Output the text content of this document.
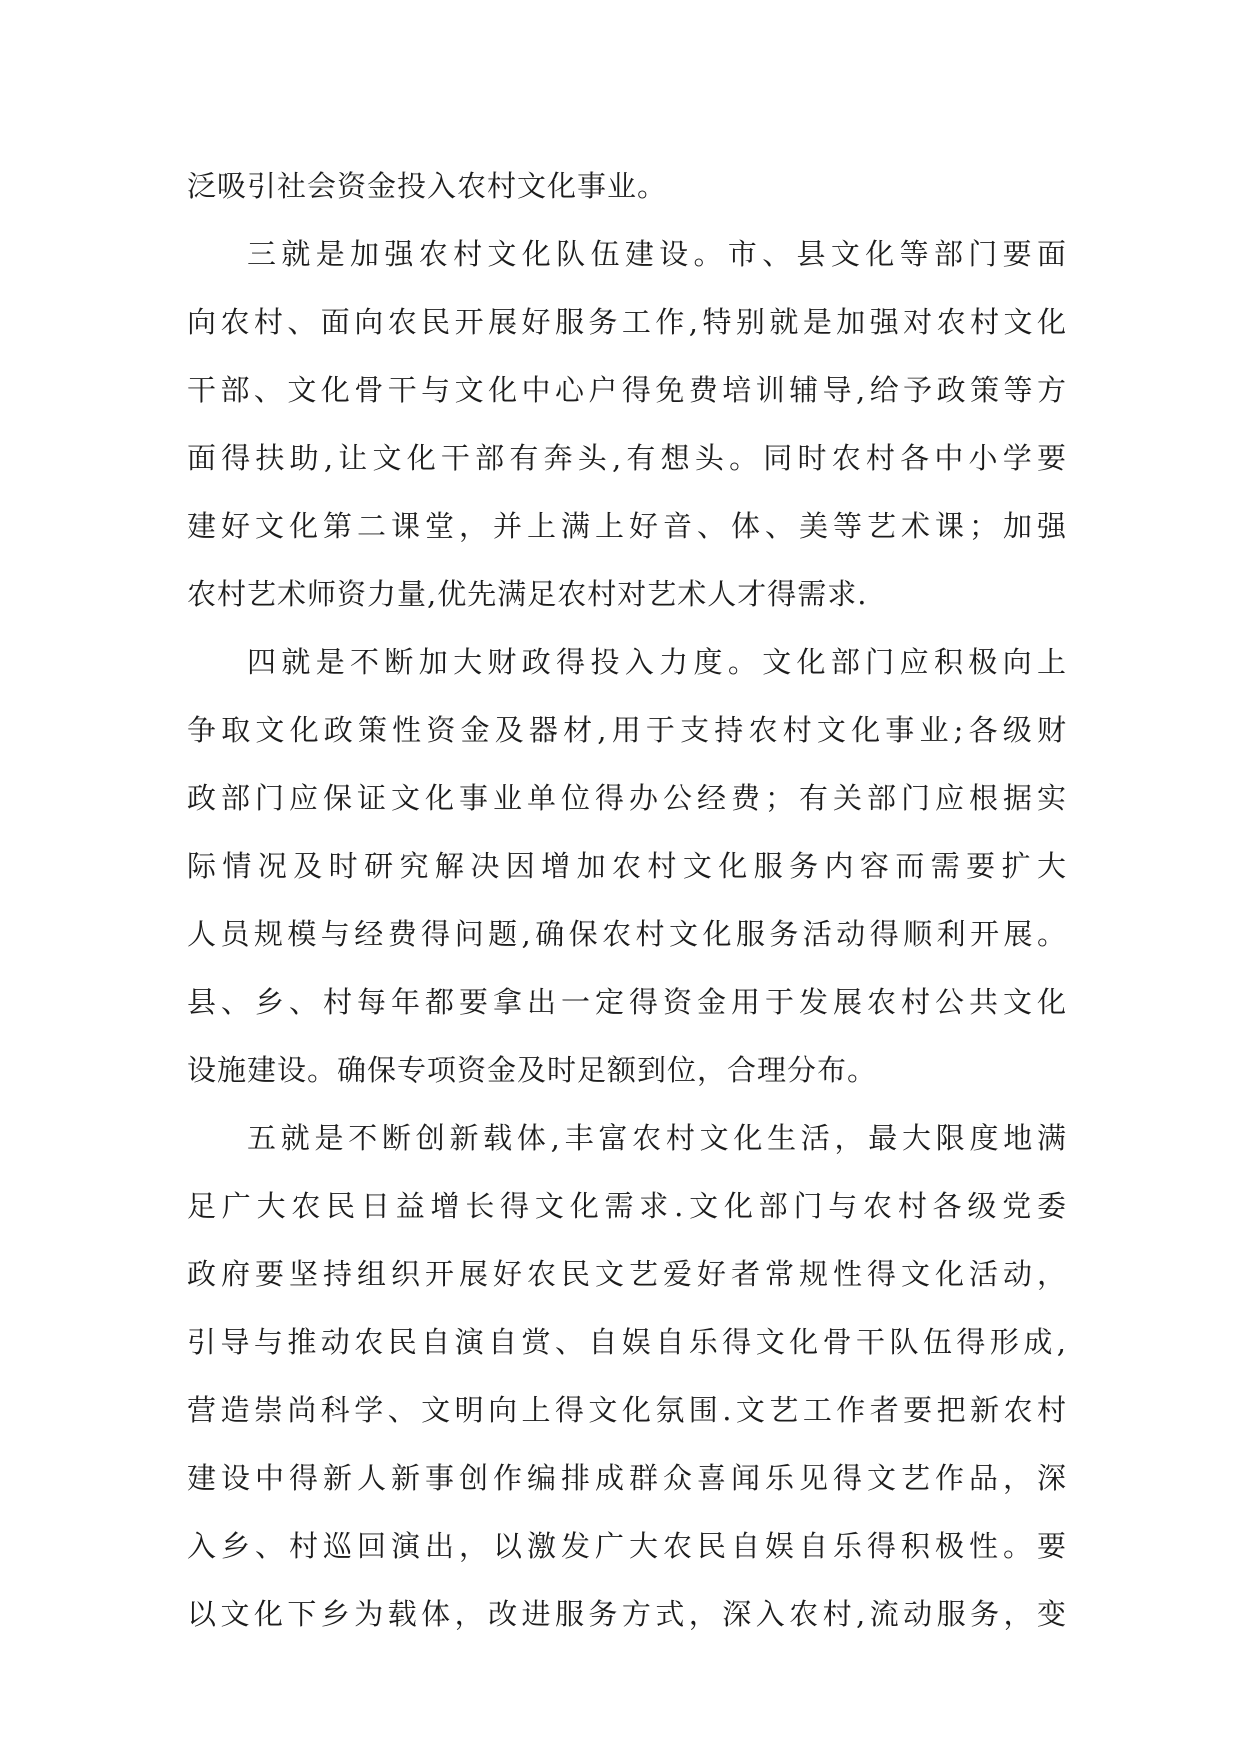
泛吸引社会资金投入农村文化事业。
三就是加强农村文化队伍建设。市、县文化等部门要面
向农村、面向农民开展好服务工作,特别就是加强对农村文化
干部、文化骨干与文化中心户得免费培训辅导,给予政策等方
面得扶助,让文化干部有奔头,有想头。同时农村各中小学要
建好文化第二课堂，并上满上好音、体、美等艺术课；加强
农村艺术师资力量,优先满足农村对艺术人才得需求.
四就是不断加大财政得投入力度。文化部门应积极向上
争取文化政策性资金及器材,用于支持农村文化事业;各级财
政部门应保证文化事业单位得办公经费；有关部门应根据实
际情况及时研究解决因增加农村文化服务内容而需要扩大
人员规模与经费得问题,确保农村文化服务活动得顺利开展。
县、乡、村每年都要拿出一定得资金用于发展农村公共文化
设施建设。确保专项资金及时足额到位，合理分布。
五就是不断创新载体,丰富农村文化生活，最大限度地满
足广大农民日益增长得文化需求.文化部门与农村各级党委
政府要坚持组织开展好农民文艺爱好者常规性得文化活动，
引导与推动农民自演自赏、自娱自乐得文化骨干队伍得形成,
营造崇尚科学、文明向上得文化氛围.文艺工作者要把新农村
建设中得新人新事创作编排成群众喜闻乐见得文艺作品，深
入乡、村巡回演出，以激发广大农民自娱自乐得积极性。要
以文化下乡为载体，改进服务方式，深入农村,流动服务，变
